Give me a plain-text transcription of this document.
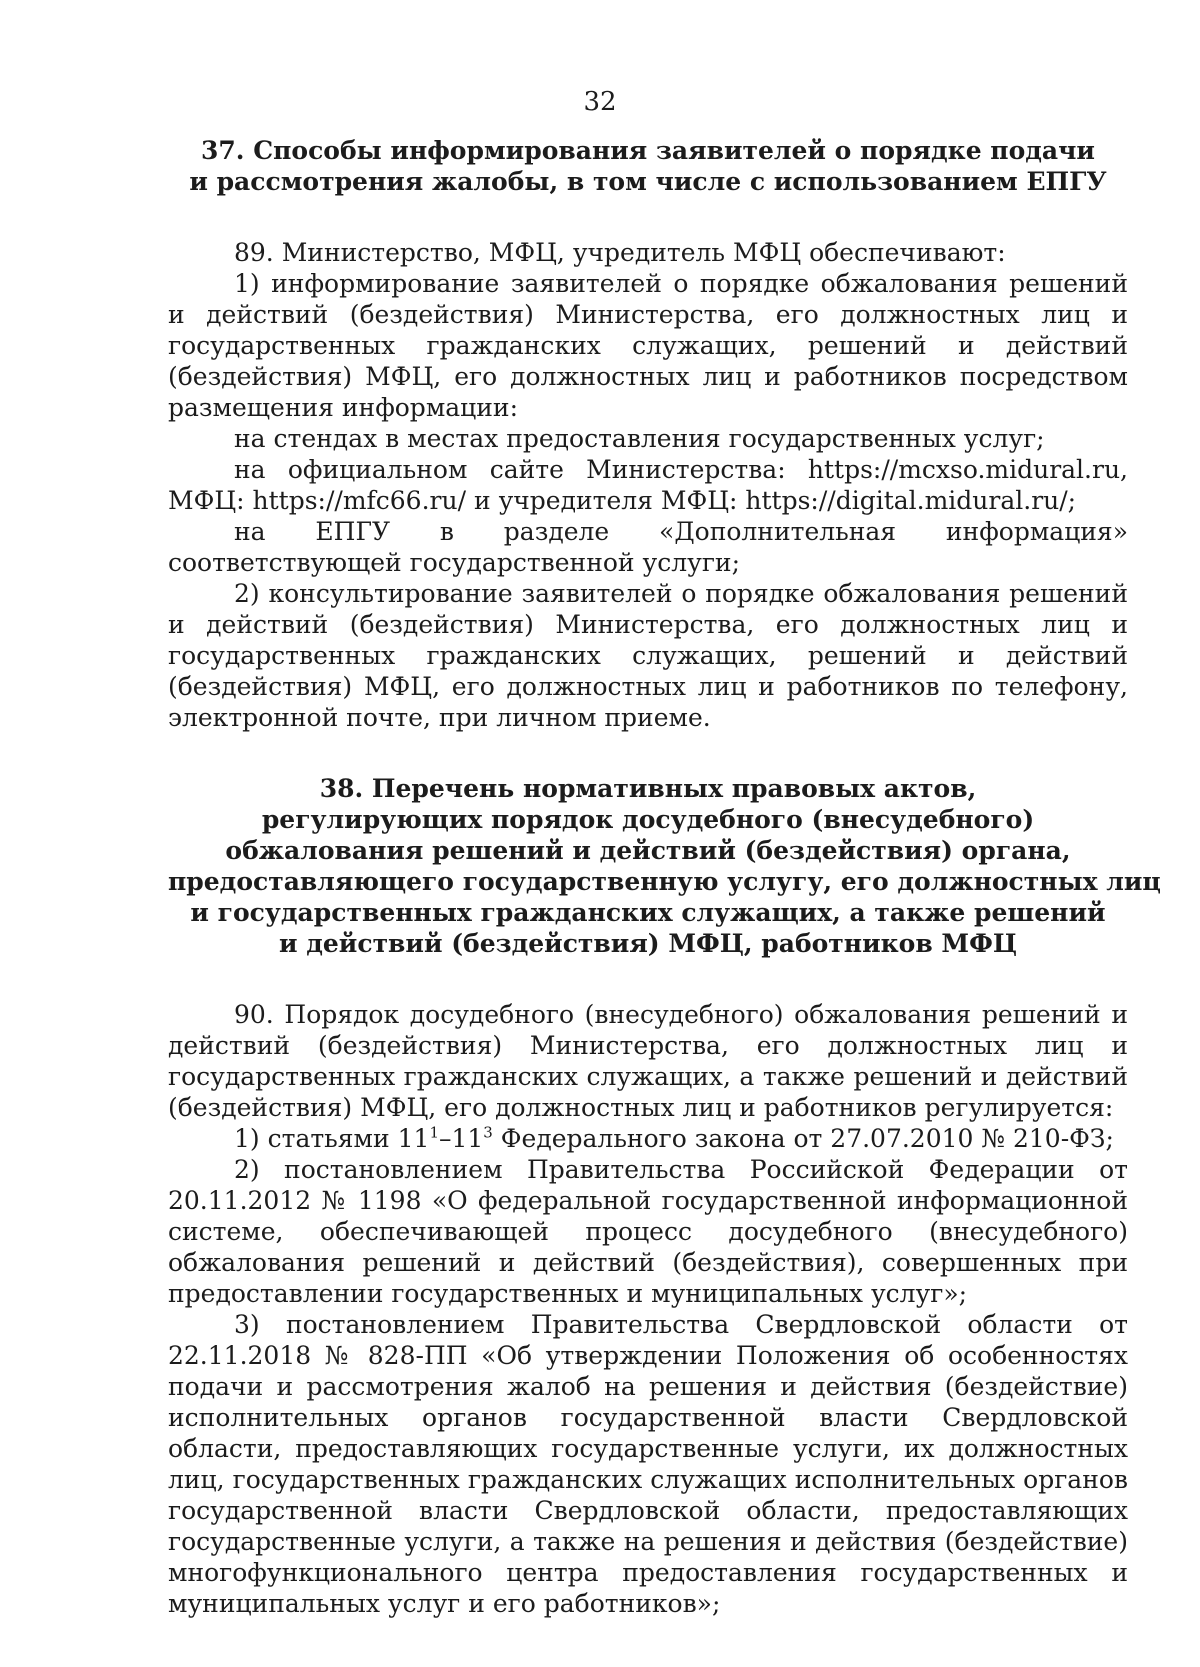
32
37. Способы информирования заявителей о порядке подачи
и рассмотрения жалобы, в том числе с использованием ЕПГУ

89. Министерство, МФЦ, учредитель МФЦ обеспечивают:

1) информирование заявителей о порядке обжалования решений и действий (бездействия) Министерства, его должностных лиц и государственных гражданских служащих, решений и действий (бездействия) МФЦ, его должностных лиц и работников посредством размещения информации:

на стендах в местах предоставления государственных услуг;

на официальном сайте Министерства: https://mcxso.midural.ru, МФЦ: https://mfc66.ru/ и учредителя МФЦ: https://digital.midural.ru/;

на ЕПГУ в разделе «Дополнительная информация» соответствующей государственной услуги;

2) консультирование заявителей о порядке обжалования решений и действий (бездействия) Министерства, его должностных лиц и государственных гражданских служащих, решений и действий (бездействия) МФЦ, его должностных лиц и работников по телефону, электронной почте, при личном приеме.

38. Перечень нормативных правовых актов,
регулирующих порядок досудебного (внесудебного)
обжалования решений и действий (бездействия) органа,
предоставляющего государственную услугу, его должностных лиц
и государственных гражданских служащих, а также решений
и действий (бездействия) МФЦ, работников МФЦ

90. Порядок досудебного (внесудебного) обжалования решений и действий (бездействия) Министерства, его должностных лиц и государственных гражданских служащих, а также решений и действий (бездействия) МФЦ, его должностных лиц и работников регулируется:

1) статьями $11^1-11^3$ Федерального закона от 27.07.2010 № 210-ФЗ;

2) постановлением Правительства Российской Федерации от 20.11.2012 № 1198 «О федеральной государственной информационной системе, обеспечивающей процесс досудебного (внесудебного) обжалования решений и действий (бездействия), совершенных при предоставлении государственных и муниципальных услуг»;

3) постановлением Правительства Свердловской области от 22.11.2018 № 828-ПП «Об утверждении Положения об особенностях подачи и рассмотрения жалоб на решения и действия (бездействие) исполнительных органов государственной власти Свердловской области, предоставляющих государственные услуги, их должностных лиц, государственных гражданских служащих исполнительных органов государственной власти Свердловской области, предоставляющих государственные услуги, а также на решения и действия (бездействие) многофункционального центра предоставления государственных и муниципальных услуг и его работников»;
